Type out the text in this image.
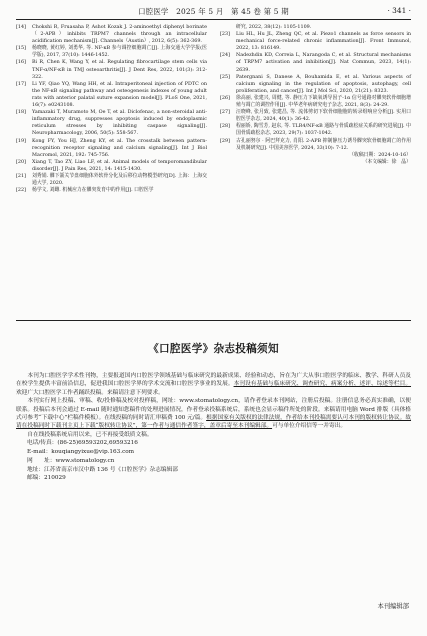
口腔医学　2025 年 5 月　第 45 卷 第 5 期	· 341 ·
[14]	Chokshi R, Fruasaha P, Ashot Kozak J. 2-aminoethyl diphenyl borinate（2-APB）inhibits TRPM7 channels through an intracellular acidification mechanism[J]. Channels（Austin）, 2012, 6(5): 362-369.
[15]	杨晓晓, 黄红婷, 刘勇华, 等. NF-κB 参与调控细胞凋亡[J]. 上海交通大学学报(医学版), 2017, 37(10): 1446-1452.
[16]	Bi R, Chen K, Wang Y, et al. Regulating fibrocartilage stem cells via TNF-α/NF-κB in TMJ osteoarthritis[J]. J Dent Res, 2022, 101(3): 312-322.
[17]	Li YF, Qiao YQ, Wang HH, et al. Intraperitoneal injection of PDTC on the NF-κB signaling pathway and osteogenesis indexes of young adult rats with anterior palatal suture expansion model[J]. PLoS One, 2021, 16(7): e0243108.
[18]	Yamazaki T, Muramoto M, Oe T, et al. Diclofenac, a non-steroidal anti-inflammatory drug, suppresses apoptosis induced by endoplasmic reticulum stresses by inhibiting caspase signaling[J]. Neuropharmacology, 2006, 50(5): 558-567.
[19]	Kong FY, You HJ, Zheng KY, et al. The crosstalk between pattern-recognition receptor signaling and calcium signaling[J]. Int J Biol Macromol, 2021, 192: 745-756.
[20]	Xiang T, Tao ZY, Liao LF, et al. Animal models of temporomandibular disorder[J]. J Pain Res, 2021, 14: 1415-1430.
[21]	刘秀娟. 髁下颌关节盘细胞体外软骨分化及后移位动物模型研究[D]. 上海：上海交通大学, 2020.
[22]	杨学文, 刘雌. 机械应力在髁突发育中的作用[J]. 口腔医学
研究, 2022, 38(12): 1105-1109.
[23]	Liu HL, Hu JL, Zheng QC, et al. Piezo1 channels as force sensors in mechanical force-related chronic inflammation[J]. Front Immunol, 2022, 13: 816149.
[24]	Nadezhdin KD, Correia L, Narangoda C, et al. Structural mechanisms of TRPM7 activation and inhibition[J]. Nat Commun, 2023, 14(1): 2639.
[25]	Patergnani S, Danese A, Bouhamida E, et al. Various aspects of calcium signaling in the regulation of apoptosis, autophagy, cell proliferation, and cancer[J]. Int J Mol Sci, 2020, 21(21): 8323.
[26]	徐高丽, 张建兴, 周健, 等. 静压力下缺氧诱导因子-1α 信号通路对髁突软骨细胞增殖与凋亡的调控作用[J]. 中华老年病研究电子杂志, 2021, 8(3): 24-29.
[27]	汪晓峰, 张月致, 张建昌, 等. 流体剪切下软骨细胞胞的转录组响应分析[J]. 实用口腔医学杂志, 2024, 40(1): 36-42.
[28]	程丽娇, 陶雪芳, 赵东, 等. TLR4/NF-κB 通路与骨质疏松症关系的研究进展[J]. 中国骨质疏松杂志, 2023, 29(7): 1037-1042.
[29]	古孔丽努尔 · 阿巴拜克力, 肖阳. 2-APB 抑制静压力诱导髁突软骨细胞凋亡的作用及机制研究[J]. 中国美容医学, 2024, 33(10): 7-12.
（收稿日期：2024-10-16）
（本文编辑：徐　晶）
《口腔医学》杂志投稿须知

本刊为口腔医学学术性刊物，主要报道国内口腔医学领域基础与临床研究的最新成果、经验和动态，旨在为广大从事口腔医学的临床、教学、科研人员及在校学生提供丰富前沿信息，促进我国口腔医学界的学术交流和口腔医学事业的发展。本刊设有基础与临床研究、调查研究、病案分析、述评、综述等栏目。欢迎广大口腔医学工作者踊跃投稿。来稿请注意下列要求。

本刊实行网上投稿、审稿、收/投修稿及校对投样稿，网址：www.stomatology.cn，请作者登录本刊网站，注册后投稿。注册信息务必真实准确，以便联系。投稿后本刊会通过 E-mail 随时通知您稿件的处理进展情况，作者登录投稿系统后，系统也会显示稿件所处的阶段。来稿请用电脑 Word 排版（具体格式可参考“下载中心”栏稿件模板）。在线投稿的同时请汇审稿费 100 元/篇。根据国家有关版权的法律法规，作者给本刊投稿需要认可本刊的版权转让协议。故请在投稿同时下载刊主页上下载“版权转让协议”，第一作者与通信作者签字，盖章后寄至本刊编辑部。可与单位介绍信等一并寄出。

自在线投稿系统启用以来，已不再接受纸质文稿。

电话/传真：(86-25)69593202,69593216
E-mail：kouqiangyixue@vip.163.com
网　　址：www.stomatology.cn
地址：江苏省南京市汉中路 136 号《口腔医学》杂志编辑部
邮编：210029
本刊编辑部
